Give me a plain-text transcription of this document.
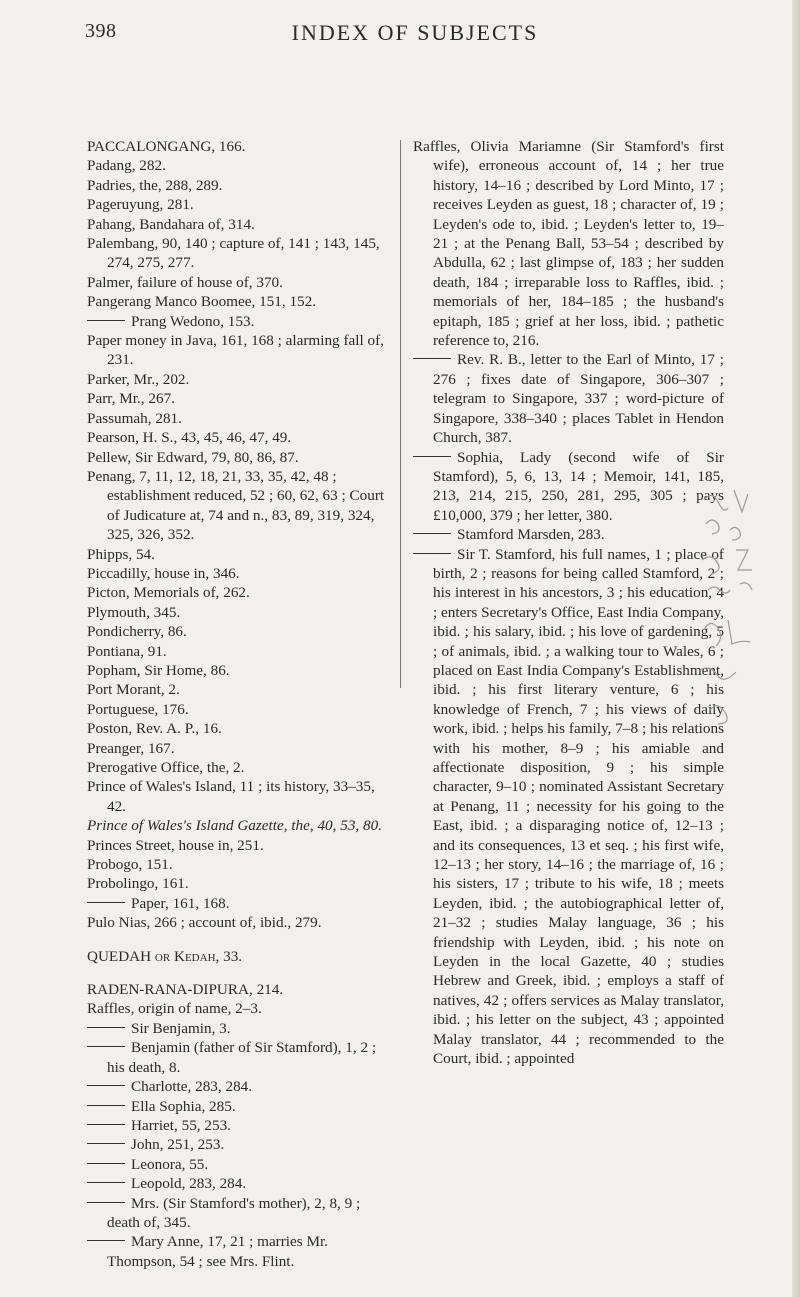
398	INDEX OF SUBJECTS

PACCALONGANG, 166.

Padang, 282.

Padries, the, 288, 289.

Pageruyung, 281.

Pahang, Bandahara of, 314.

Palembang, 90, 140 ; capture of, 141 ; 143, 145, 274, 275, 277.

Palmer, failure of house of, 370.

Pangerang Manco Boomee, 151, 152.

Prang Wedono, 153.

Paper money in Java, 161, 168 ; alarming fall of, 231.

Parker, Mr., 202.

Parr, Mr., 267.

Passumah, 281.

Pearson, H. S., 43, 45, 46, 47, 49.

Pellew, Sir Edward, 79, 80, 86, 87.

Penang, 7, 11, 12, 18, 21, 33, 35, 42, 48 ; establishment reduced, 52 ; 60, 62, 63 ; Court of Judicature at, 74 and n., 83, 89, 319, 324, 325, 326, 352.

Phipps, 54.

Piccadilly, house in, 346.

Picton, Memorials of, 262.

Plymouth, 345.

Pondicherry, 86.

Pontiana, 91.

Popham, Sir Home, 86.

Port Morant, 2.

Portuguese, 176.

Poston, Rev. A. P., 16.

Preanger, 167.

Prerogative Office, the, 2.

Prince of Wales's Island, 11 ; its history, 33–35, 42.

Prince of Wales's Island Gazette, the, 40, 53, 80.

Princes Street, house in, 251.

Probogo, 151.

Probolingo, 161.

Paper, 161, 168.

Pulo Nias, 266 ; account of, ibid., 279.

QUEDAH or Kedah, 33.

RADEN-RANA-DIPURA, 214.

Raffles, origin of name, 2–3.

Sir Benjamin, 3.

Benjamin (father of Sir Stamford), 1, 2 ; his death, 8.

Charlotte, 283, 284.

Ella Sophia, 285.

Harriet, 55, 253.

John, 251, 253.

Leonora, 55.

Leopold, 283, 284.

Mrs. (Sir Stamford's mother), 2, 8, 9 ; death of, 345.

Mary Anne, 17, 21 ; marries Mr. Thompson, 54 ; see Mrs. Flint.

Raffles, Olivia Mariamne (Sir Stamford's first wife), erroneous account of, 14 ; her true history, 14–16 ; described by Lord Minto, 17 ; receives Leyden as guest, 18 ; character of, 19 ; Leyden's ode to, ibid. ; Leyden's letter to, 19–21 ; at the Penang Ball, 53–54 ; described by Abdulla, 62 ; last glimpse of, 183 ; her sudden death, 184 ; irreparable loss to Raffles, ibid. ; memorials of her, 184–185 ; the husband's epitaph, 185 ; grief at her loss, ibid. ; pathetic reference to, 216.

Rev. R. B., letter to the Earl of Minto, 17 ; 276 ; fixes date of Singapore, 306–307 ; telegram to Singapore, 337 ; word-picture of Singapore, 338–340 ; places Tablet in Hendon Church, 387.

Sophia, Lady (second wife of Sir Stamford), 5, 6, 13, 14 ; Memoir, 141, 185, 213, 214, 215, 250, 281, 295, 305 ; pays £10,000, 379 ; her letter, 380.

Stamford Marsden, 283.

Sir T. Stamford, his full names, 1 ; place of birth, 2 ; reasons for being called Stamford, 2 ; his interest in his ancestors, 3 ; his education, 4 ; enters Secretary's Office, East India Company, ibid. ; his salary, ibid. ; his love of gardening, 5 ; of animals, ibid. ; a walking tour to Wales, 6 ; placed on East India Company's Establishment, ibid. ; his first literary venture, 6 ; his knowledge of French, 7 ; his views of daily work, ibid. ; helps his family, 7–8 ; his relations with his mother, 8–9 ; his amiable and affectionate disposition, 9 ; his simple character, 9–10 ; nominated Assistant Secretary at Penang, 11 ; necessity for his going to the East, ibid. ; a disparaging notice of, 12–13 ; and its consequences, 13 et seq. ; his first wife, 12–13 ; her story, 14–16 ; the marriage of, 16 ; his sisters, 17 ; tribute to his wife, 18 ; meets Leyden, ibid. ; the autobiographical letter of, 21–32 ; studies Malay language, 36 ; his friendship with Leyden, ibid. ; his note on Leyden in the local Gazette, 40 ; studies Hebrew and Greek, ibid. ; employs a staff of natives, 42 ; offers services as Malay translator, ibid. ; his letter on the subject, 43 ; appointed Malay translator, 44 ; recommended to the Court, ibid. ; appointed
